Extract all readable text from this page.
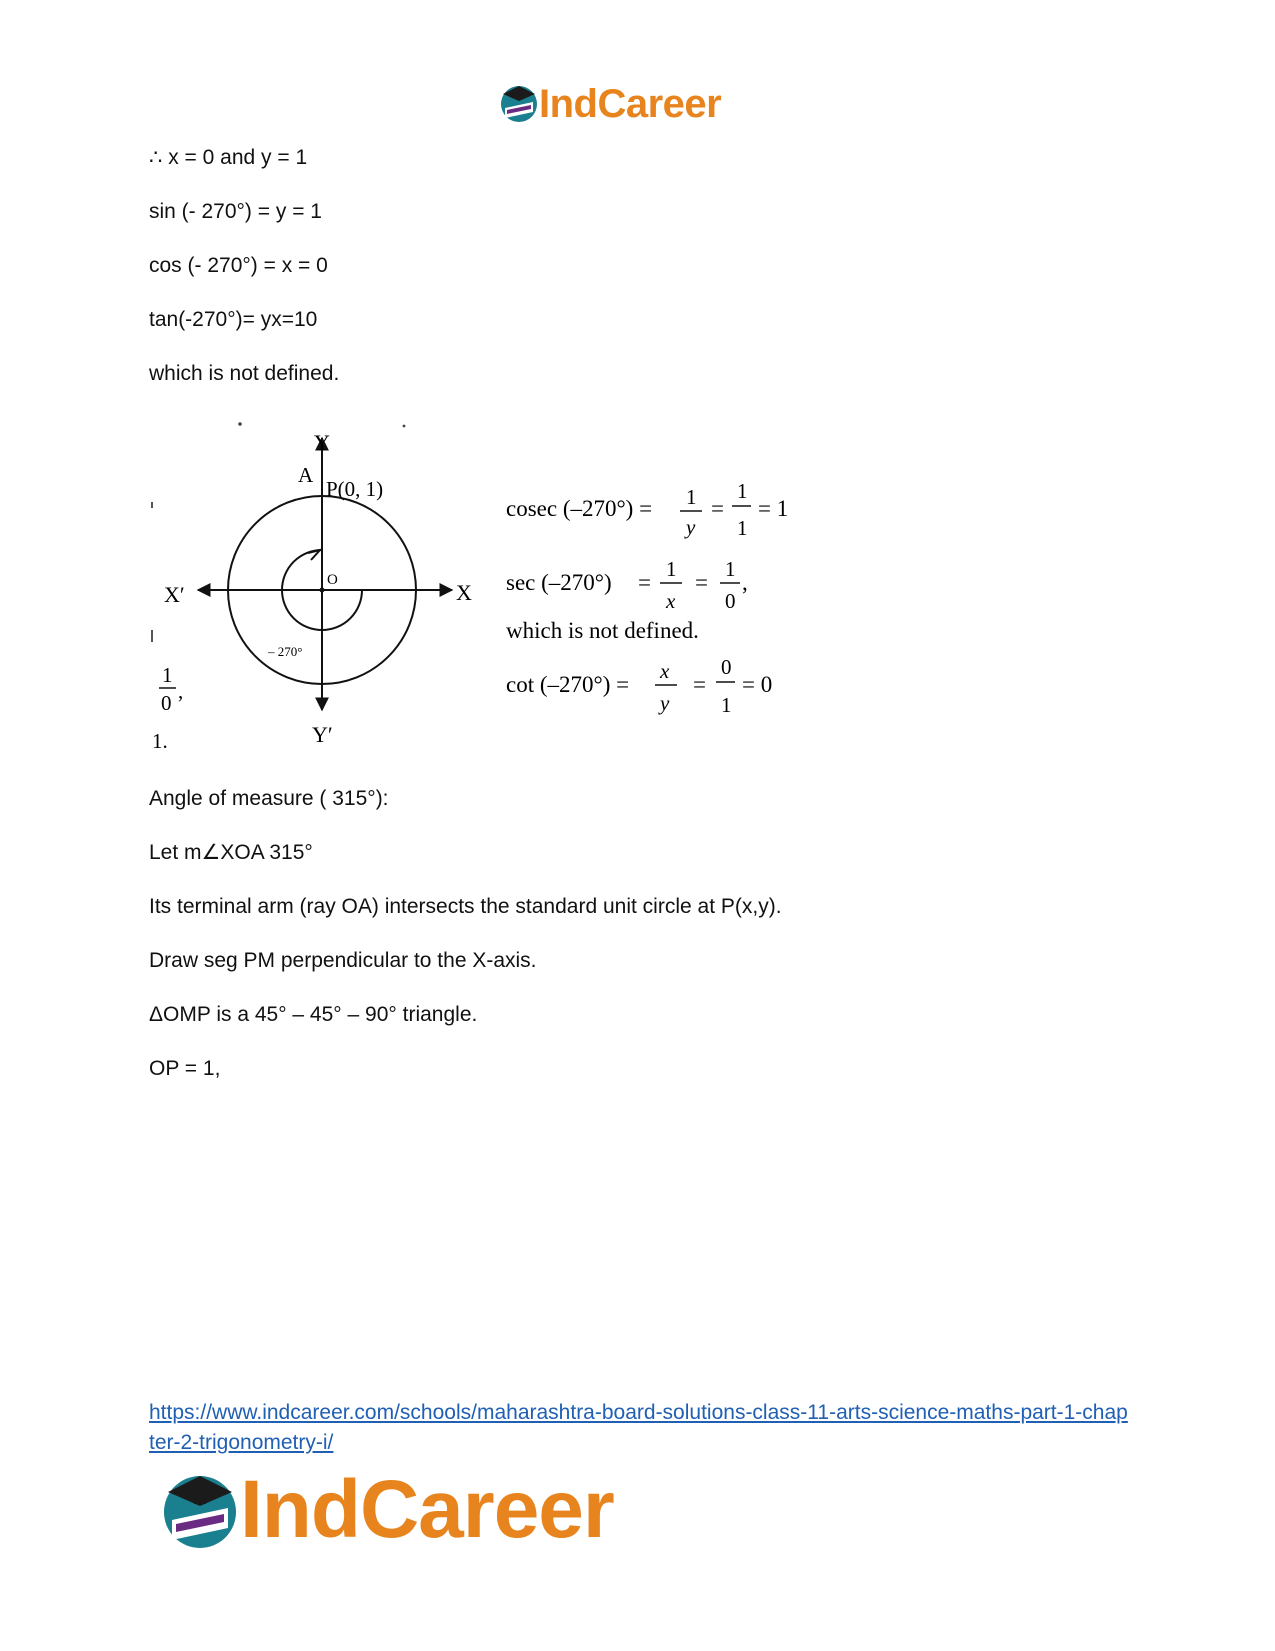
IndCareer
∴ x = 0 and y = 1
sin (- 270°) = y = 1
cos (- 270°) = x = 0
tan(-270°)= yx=10
which is not defined.
Y
Y′
X
X′
A
P(0, 1)
O
– 270°
1
0 ,
1.
cosec (–270°) = 1
y
=
1
1
= 1
sec (–270°) =
1
x
=
1
0
,
which is not defined.
cot (–270°) =
x
y
=
0
1
= 0
Angle of measure ( 315°):
Let m∠XOA 315°
Its terminal arm (ray OA) intersects the standard unit circle at P(x,y).
Draw seg PM perpendicular to the X-axis.
ΔOMP is a 45° – 45° – 90° triangle.
OP = 1,
https://www.indcareer.com/schools/maharashtra-board-solutions-class-11-arts-science-maths-part-1-chapter-2-trigonometry-i/
IndCareer
